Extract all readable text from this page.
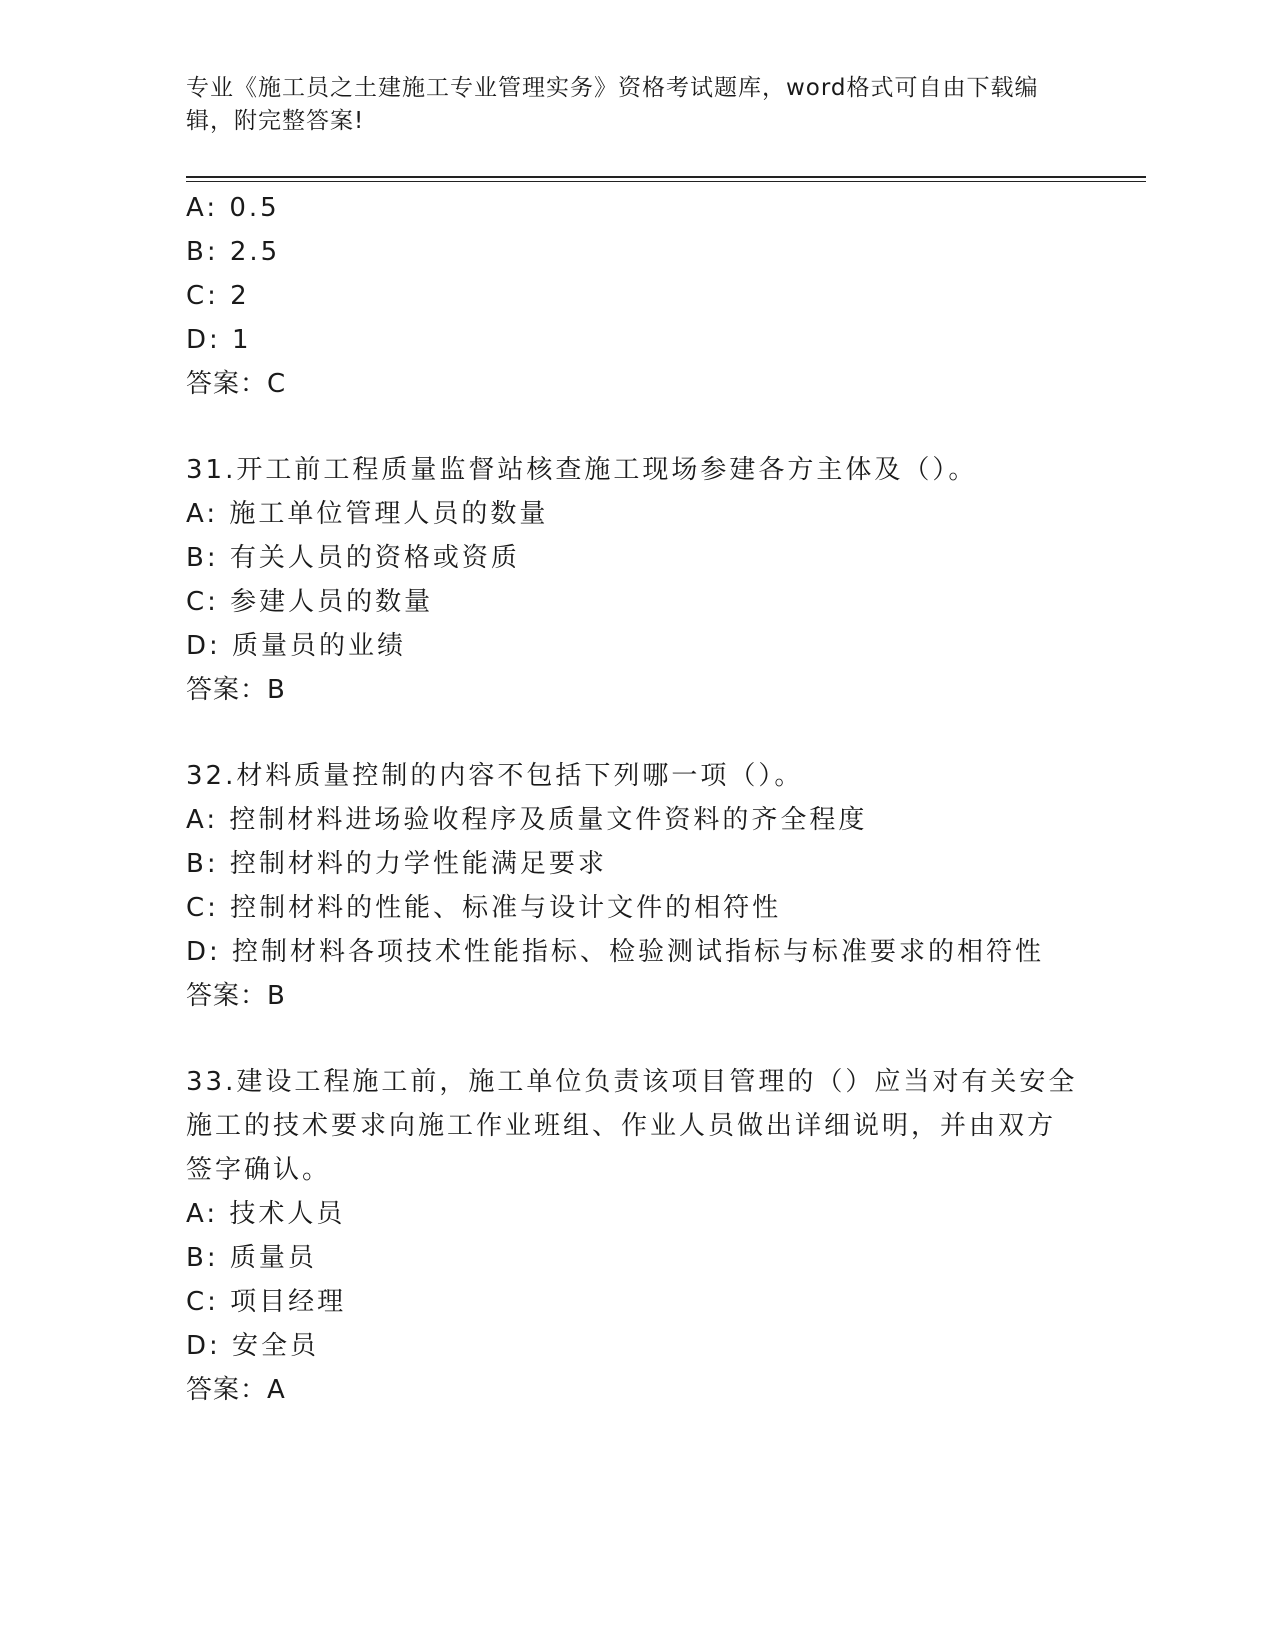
专业《施工员之土建施工专业管理实务》资格考试题库，word格式可自由下载编
辑，附完整答案!
A: 0.5
B: 2.5
C: 2
D: 1
答案：C
31.开工前工程质量监督站核查施工现场参建各方主体及（）。
A: 施工单位管理人员的数量
B: 有关人员的资格或资质
C: 参建人员的数量
D: 质量员的业绩
答案：B
32.材料质量控制的内容不包括下列哪一项（）。
A: 控制材料进场验收程序及质量文件资料的齐全程度
B: 控制材料的力学性能满足要求
C: 控制材料的性能、标准与设计文件的相符性
D: 控制材料各项技术性能指标、检验测试指标与标准要求的相符性
答案：B
33.建设工程施工前，施工单位负责该项目管理的（）应当对有关安全
施工的技术要求向施工作业班组、作业人员做出详细说明，并由双方
签字确认。
A: 技术人员
B: 质量员
C: 项目经理
D: 安全员
答案：A
